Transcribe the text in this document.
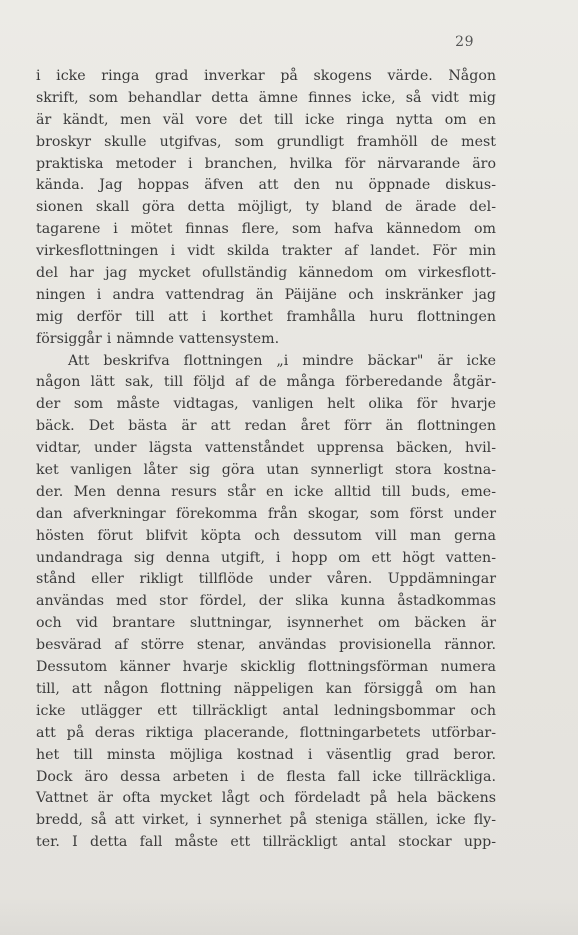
29
i icke ringa grad inverkar på skogens värde. Någon
skrift, som behandlar detta ämne finnes icke, så vidt mig
är kändt, men väl vore det till icke ringa nytta om en
broskyr skulle utgifvas, som grundligt framhöll de mest
praktiska metoder i branchen, hvilka för närvarande äro
kända. Jag hoppas äfven att den nu öppnade diskus-
sionen skall göra detta möjligt, ty bland de ärade del-
tagarene i mötet finnas flere, som hafva kännedom om
virkesflottningen i vidt skilda trakter af landet. För min
del har jag mycket ofullständig kännedom om virkesflott-
ningen i andra vattendrag än Päijäne och inskränker jag
mig derför till att i korthet framhålla huru flottningen
försiggår i nämnde vattensystem.
Att beskrifva flottningen „i mindre bäckar" är icke
någon lätt sak, till följd af de många förberedande åtgär-
der som måste vidtagas, vanligen helt olika för hvarje
bäck. Det bästa är att redan året förr än flottningen
vidtar, under lägsta vattenståndet upprensa bäcken, hvil-
ket vanligen låter sig göra utan synnerligt stora kostna-
der. Men denna resurs står en icke alltid till buds, eme-
dan afverkningar förekomma från skogar, som först under
hösten förut blifvit köpta och dessutom vill man gerna
undandraga sig denna utgift, i hopp om ett högt vatten-
stånd eller rikligt tillflöde under våren. Uppdämningar
användas med stor fördel, der slika kunna åstadkommas
och vid brantare sluttningar, isynnerhet om bäcken är
besvärad af större stenar, användas provisionella rännor.
Dessutom känner hvarje skicklig flottningsförman numera
till, att någon flottning näppeligen kan försiggå om han
icke utlägger ett tillräckligt antal ledningsbommar och
att på deras riktiga placerande, flottningarbetets utförbar-
het till minsta möjliga kostnad i väsentlig grad beror.
Dock äro dessa arbeten i de flesta fall icke tillräckliga.
Vattnet är ofta mycket lågt och fördeladt på hela bäckens
bredd, så att virket, i synnerhet på steniga ställen, icke fly-
ter. I detta fall måste ett tillräckligt antal stockar upp-
